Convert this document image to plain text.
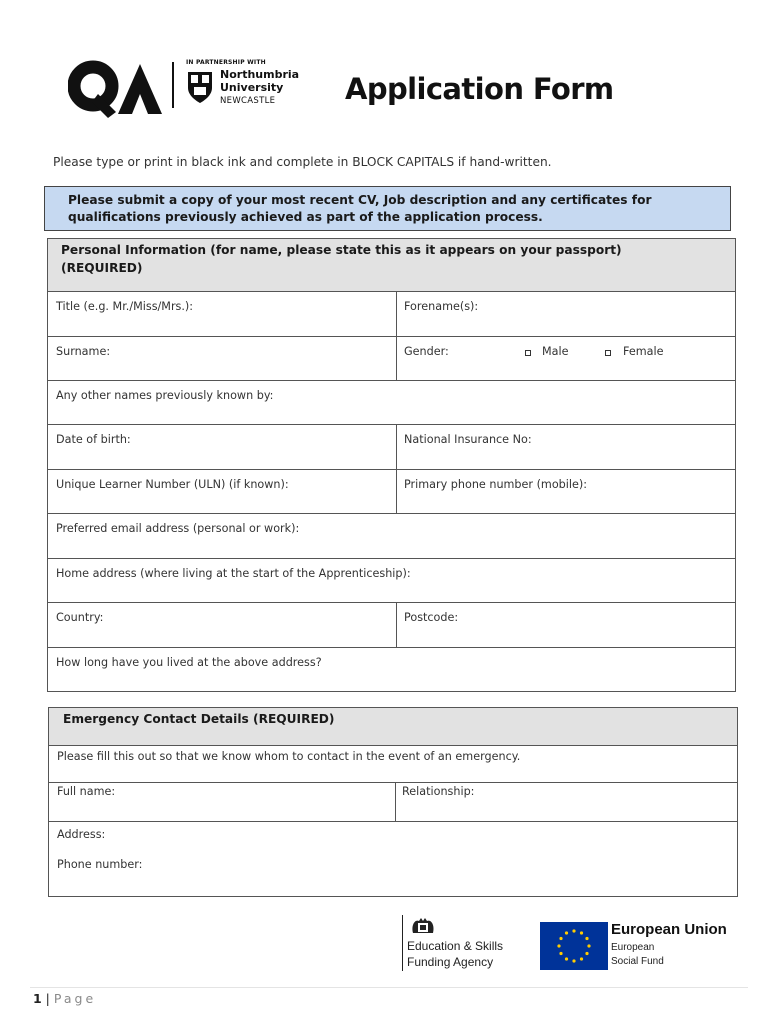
IN PARTNERSHIP WITH
Northumbria
University
NEWCASTLE Application Form
Please type or print in black ink and complete in BLOCK CAPITALS if hand-written.
Please submit a copy of your most recent CV, Job description and any certificates for qualifications previously achieved as part of the application process.
Personal Information (for name, please state this as it appears on your passport) (REQUIRED)
Title (e.g. Mr./Miss/Mrs.):	Forename(s):
Surname:	Gender:	Male	Female
Any other names previously known by:
Date of birth:	National Insurance No:
Unique Learner Number (ULN) (if known):	Primary phone number (mobile):
Preferred email address (personal or work):
Home address (where living at the start of the Apprenticeship):
Country:	Postcode:
How long have you lived at the above address?
Emergency Contact Details (REQUIRED)
Please fill this out so that we know whom to contact in the event of an emergency.
Full name:	Relationship:
Address:
Phone number:
Education & Skills
Funding Agency
European Union
European
Social Fund
1 | Page
